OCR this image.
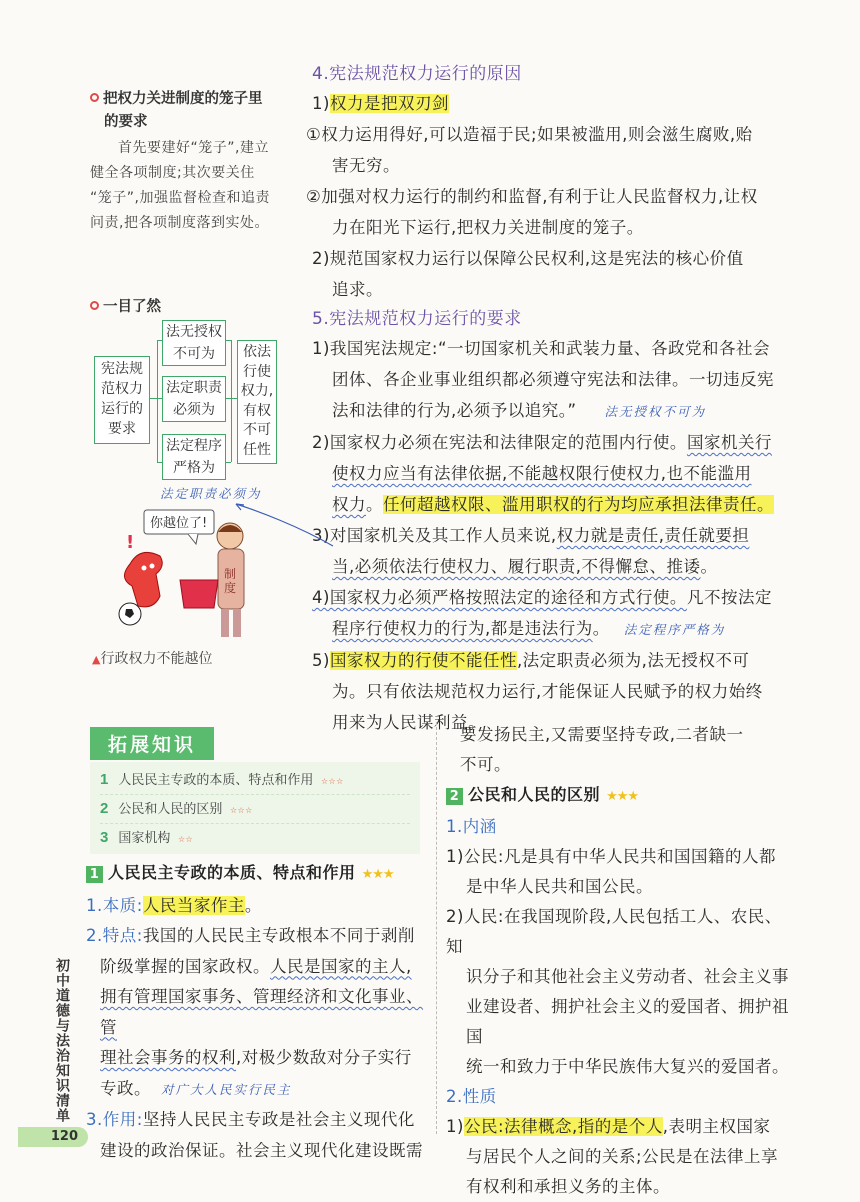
4.宪法规范权力运行的原因
1)权力是把双刃剑
①权力运用得好,可以造福于民;如果被滥用,则会滋生腐败,贻
害无穷。
②加强对权力运行的制约和监督,有利于让人民监督权力,让权
力在阳光下运行,把权力关进制度的笼子。
2)规范国家权力运行以保障公民权利,这是宪法的核心价值
追求。
5.宪法规范权力运行的要求
1)我国宪法规定:“一切国家机关和武装力量、各政党和各社会
团体、各企业事业组织都必须遵守宪法和法律。一切违反宪
法和法律的行为,必须予以追究。” 法无授权不可为
2)国家权力必须在宪法和法律限定的范围内行使。国家机关行
使权力应当有法律依据,不能越权限行使权力,也不能滥用
权力。任何超越权限、滥用职权的行为均应承担法律责任。
3)对国家机关及其工作人员来说,权力就是责任,责任就要担
当,必须依法行使权力、履行职责,不得懈怠、推诿。
4)国家权力必须严格按照法定的途径和方式行使。凡不按法定
程序行使权力的行为,都是违法行为。 法定程序严格为
5)国家权力的行使不能任性,法定职责必须为,法无授权不可
为。只有依法规范权力运行,才能保证人民赋予的权力始终
用来为人民谋利益。
把权力关进制度的笼子里
的要求
首先要建好“笼子”,建立
健全各项制度;其次要关住
“笼子”,加强监督检查和追责
问责,把各项制度落到实处。
一目了然
宪法规
范权力
运行的
要求
法无授权
不可为
法定职责
必须为
法定程序
严格为
依法
行使
权力,
有权
不可
任性
法定职责必须为
你越位了!
制
度
!
▲行政权力不能越位
拓展知识
1 人民民主专政的本质、特点和作用 ☆☆☆
2 公民和人民的区别 ☆☆☆
3 国家机构 ☆☆
1 人民民主专政的本质、特点和作用 ★★★
1.本质:人民当家作主。
2.特点:我国的人民民主专政根本不同于剥削
阶级掌握的国家政权。人民是国家的主人,
拥有管理国家事务、管理经济和文化事业、管
理社会事务的权利,对极少数敌对分子实行
专政。 对广大人民实行民主
3.作用:坚持人民民主专政是社会主义现代化
建设的政治保证。社会主义现代化建设既需
要发扬民主,又需要坚持专政,二者缺一
不可。
2 公民和人民的区别 ★★★
1.内涵
1)公民:凡是具有中华人民共和国国籍的人都
是中华人民共和国公民。
2)人民:在我国现阶段,人民包括工人、农民、知
识分子和其他社会主义劳动者、社会主义事
业建设者、拥护社会主义的爱国者、拥护祖国
统一和致力于中华民族伟大复兴的爱国者。
2.性质
1)公民:法律概念,指的是个人,表明主权国家
与居民个人之间的关系;公民是在法律上享
有权利和承担义务的主体。
初中道德与法治知识清单
120
